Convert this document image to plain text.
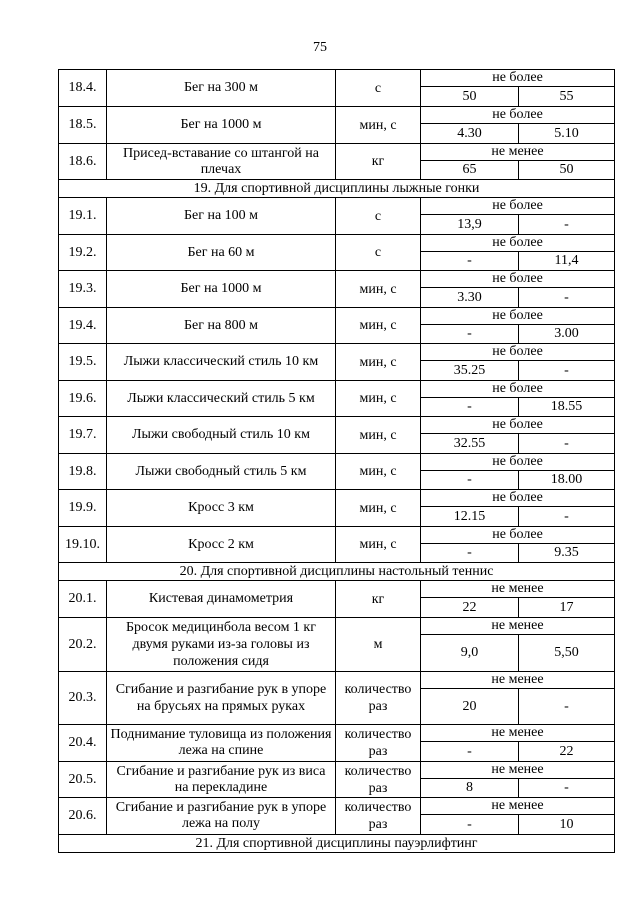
75
18.4.	Бег на 300 м	с	не более	
			50	55
18.5.	Бег на 1000 м	мин, с	не более	
			4.30	5.10
18.6.	Присед-вставание со штангой на плечах	кг	не менее	
			65	50
19. Для спортивной дисциплины лыжные гонки				
19.1.	Бег на 100 м	с	не более	
			13,9	-
19.2.	Бег на 60 м	с	не более	
			-	11,4
19.3.	Бег на 1000 м	мин, с	не более	
			3.30	-
19.4.	Бег на 800 м	мин, с	не более	
			-	3.00
19.5.	Лыжи классический стиль 10 км	мин, с	не более	
			35.25	-
19.6.	Лыжи классический стиль 5 км	мин, с	не более	
			-	18.55
19.7.	Лыжи свободный стиль 10 км	мин, с	не более	
			32.55	-
19.8.	Лыжи свободный стиль 5 км	мин, с	не более	
			-	18.00
19.9.	Кросс 3 км	мин, с	не более	
			12.15	-
19.10.	Кросс 2 км	мин, с	не более	
			-	9.35
20. Для спортивной дисциплины настольный теннис				
20.1.	Кистевая динамометрия	кг	не менее	
			22	17
20.2.	Бросок медицинбола весом 1 кг двумя руками из-за головы из положения сидя	м	не менее	
			9,0	5,50
20.3.	Сгибание и разгибание рук в упоре на брусьях на прямых руках	количество раз	не менее	
			20	-
20.4.	Поднимание туловища из положения лежа на спине	количество раз	не менее	
			-	22
20.5.	Сгибание и разгибание рук из виса на перекладине	количество раз	не менее	
			8	-
20.6.	Сгибание и разгибание рук в упоре лежа на полу	количество раз	не менее	
			-	10
21. Для спортивной дисциплины пауэрлифтинг				
